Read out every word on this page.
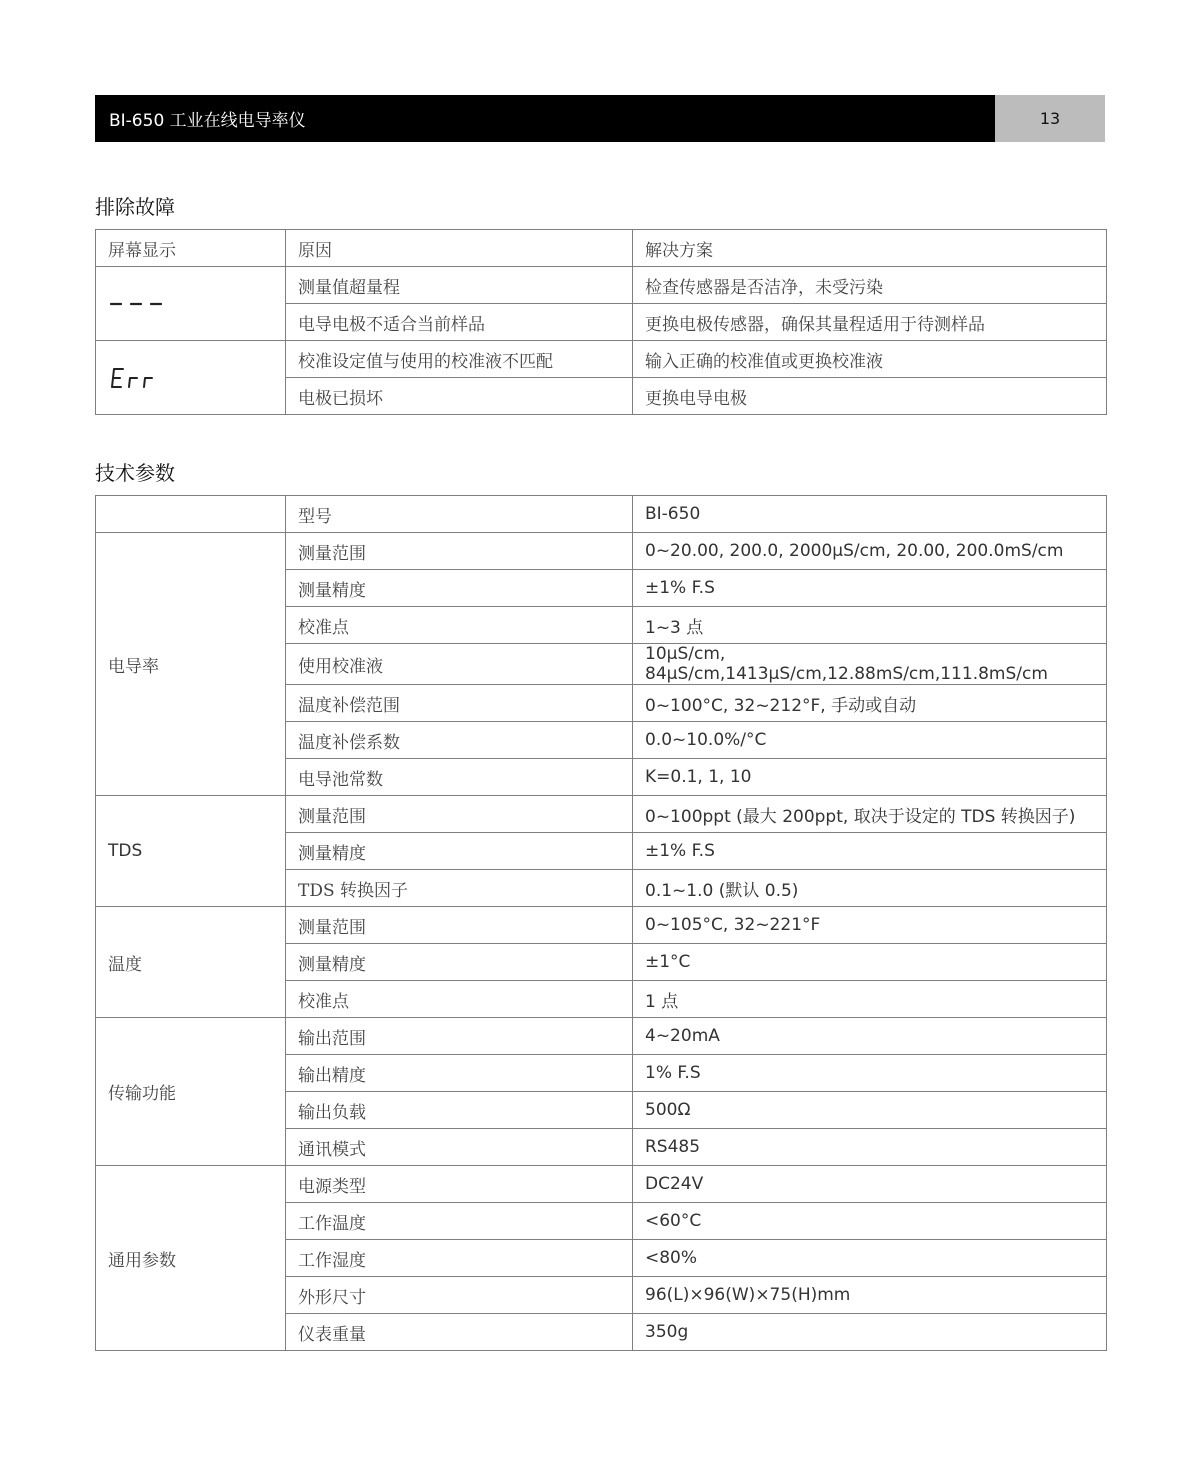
BI-650 工业在线电导率仪	13
排除故障
屏幕显示	原因	解决方案

	测量值超量程	检查传感器是否洁净，未受污染
	电导电极不适合当前样品	更换电极传感器，确保其量程适用于待测样品

	校准设定值与使用的校准液不匹配	输入正确的校准值或更换校准液
	电极已损坏	更换电导电极
技术参数
	型号	BI-650
电导率	测量范围	0~20.00, 200.0, 2000μS/cm, 20.00, 200.0mS/cm
	测量精度	±1% F.S
	校准点	1~3 点
	使用校准液	10μS/cm, 84μS/cm,1413μS/cm,12.88mS/cm,111.8mS/cm
	温度补偿范围	0~100°C, 32~212°F, 手动或自动
	温度补偿系数	0.0~10.0%/°C
	电导池常数	K=0.1, 1, 10
TDS	测量范围	0~100ppt (最大 200ppt, 取决于设定的 TDS 转换因子)
	测量精度	±1% F.S
	TDS 转换因子	0.1~1.0 (默认 0.5)
温度	测量范围	0~105°C, 32~221°F
	测量精度	±1°C
	校准点	1 点
传输功能	输出范围	4~20mA
	输出精度	1% F.S
	输出负载	500Ω
	通讯模式	RS485
通用参数	电源类型	DC24V
	工作温度	<60°C
	工作湿度	<80%
	外形尺寸	96(L)×96(W)×75(H)mm
	仪表重量	350g
